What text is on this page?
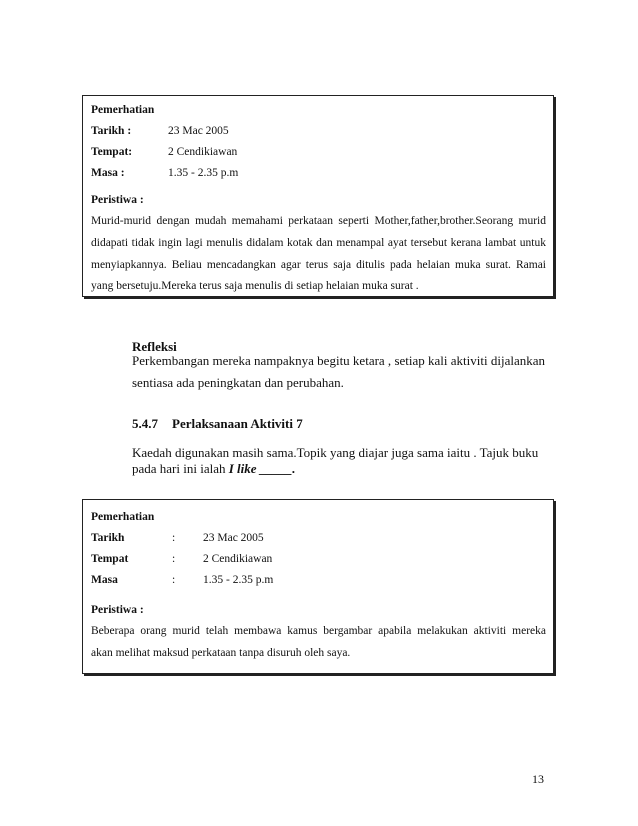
Pemerhatian
Tarikh :	23 Mac 2005
Tempat:	2 Cendikiawan
Masa :	1.35 - 2.35 p.m
Peristiwa :
Murid-murid dengan mudah memahami perkataan seperti Mother,father,brother.Seorang murid
didapati tidak ingin lagi menulis didalam kotak dan menampal ayat tersebut kerana lambat untuk
menyiapkannya. Beliau mencadangkan agar terus saja ditulis pada helaian muka surat. Ramai
yang bersetuju.Mereka terus saja menulis di setiap helaian muka surat .
Refleksi
Perkembangan mereka nampaknya begitu ketara , setiap kali aktiviti dijalankan
sentiasa ada peningkatan dan perubahan.
5.4.7 Perlaksanaan Aktiviti 7
Kaedah digunakan masih sama.Topik yang diajar juga sama iaitu . Tajuk buku
pada hari ini ialah I like _____.
Pemerhatian
Tarikh	: 23 Mac 2005
Tempat	: 2 Cendikiawan
Masa	: 1.35 - 2.35 p.m
Peristiwa :
Beberapa orang murid telah membawa kamus bergambar apabila melakukan aktiviti mereka
akan melihat maksud perkataan tanpa disuruh oleh saya.
13
